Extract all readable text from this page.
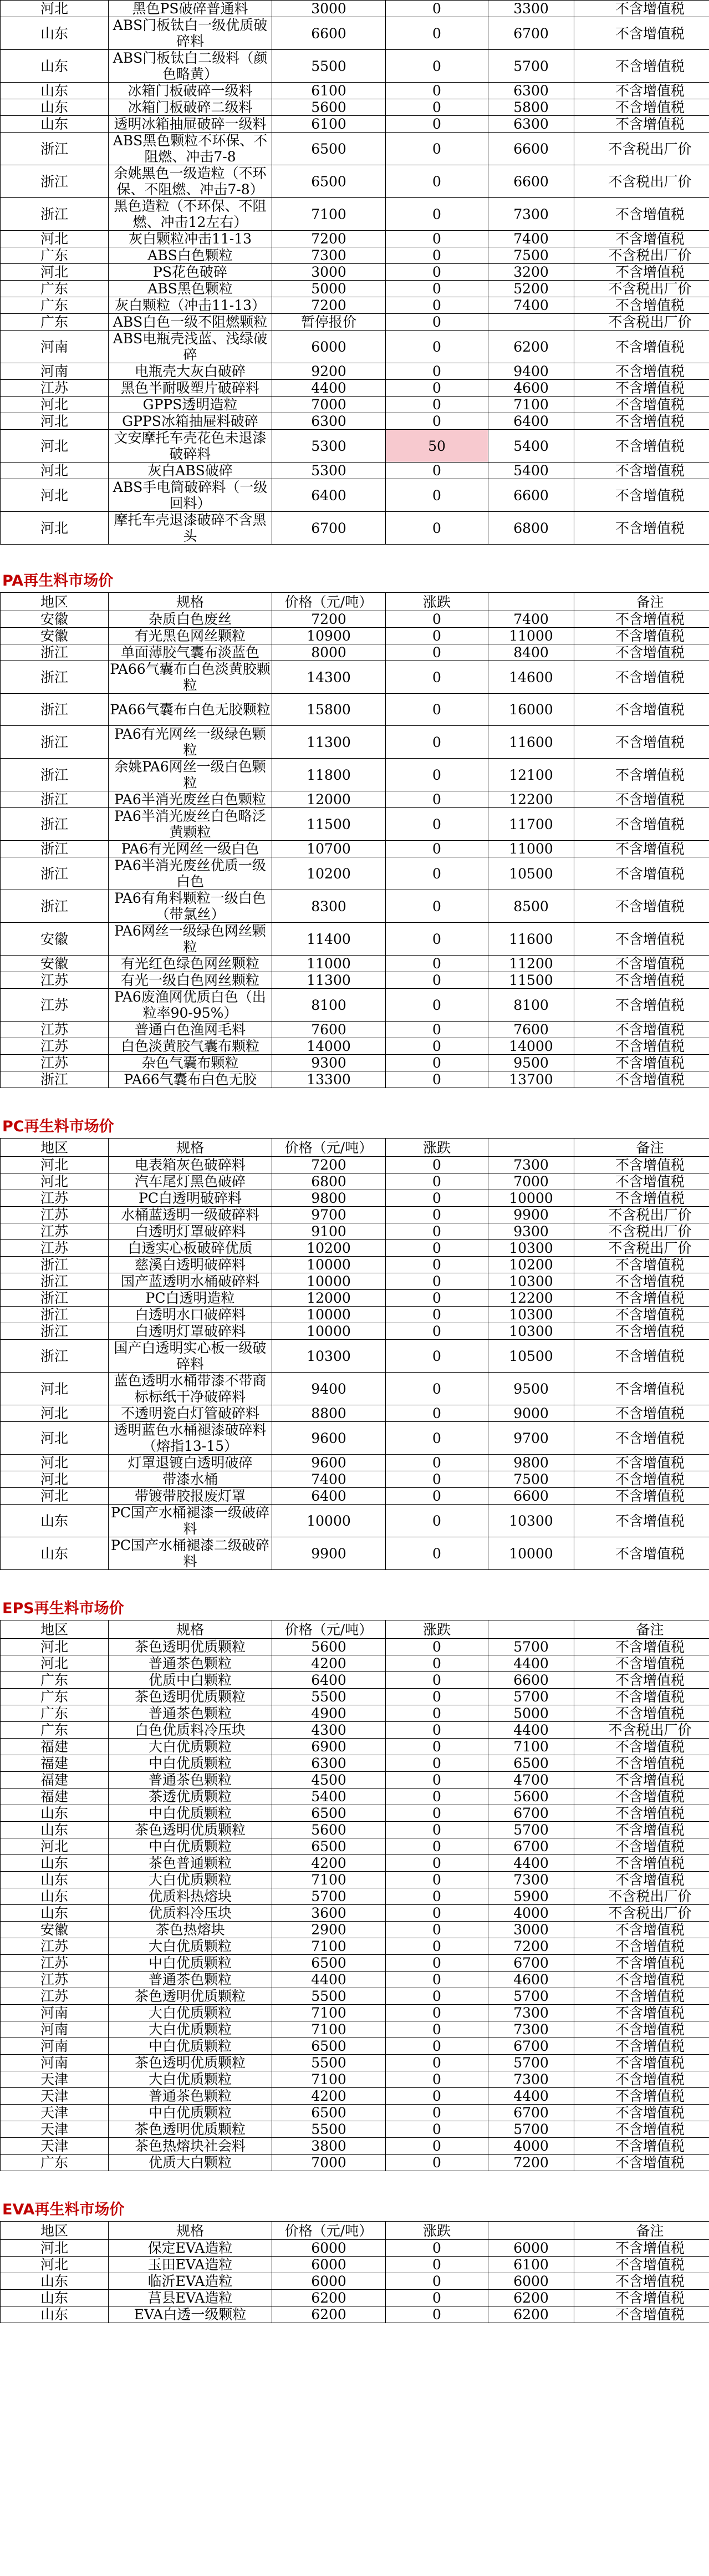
河北	黑色PS破碎普通料	3000	0	3300	不含增值税
山东	ABS门板钛白一级优质破碎料	6600	0	6700	不含增值税
山东	ABS门板钛白二级料（颜色略黄）	5500	0	5700	不含增值税
山东	冰箱门板破碎一级料	6100	0	6300	不含增值税
山东	冰箱门板破碎二级料	5600	0	5800	不含增值税
山东	透明冰箱抽屉破碎一级料	6100	0	6300	不含增值税
浙江	ABS黑色颗粒不环保、不阻燃、冲击7-8	6500	0	6600	不含税出厂价
浙江	余姚黑色一级造粒（不环保、不阻燃、冲击7-8）	6500	0	6600	不含税出厂价
浙江	黑色造粒（不环保、不阻燃、冲击12左右）	7100	0	7300	不含增值税
河北	灰白颗粒冲击11-13	7200	0	7400	不含增值税
广东	ABS白色颗粒	7300	0	7500	不含税出厂价
河北	PS花色破碎	3000	0	3200	不含增值税
广东	ABS黑色颗粒	5000	0	5200	不含税出厂价
广东	灰白颗粒（冲击11-13）	7200	0	7400	不含增值税
广东	ABS白色一级不阻燃颗粒	暂停报价	0		不含税出厂价
河南	ABS电瓶壳浅蓝、浅绿破碎	6000	0	6200	不含增值税
河南	电瓶壳大灰白破碎	9200	0	9400	不含增值税
江苏	黑色半耐吸塑片破碎料	4400	0	4600	不含增值税
河北	GPPS透明造粒	7000	0	7100	不含增值税
河北	GPPS冰箱抽屉料破碎	6300	0	6400	不含增值税
河北	文安摩托车壳花色未退漆破碎料	5300	50	5400	不含增值税
河北	灰白ABS破碎	5300	0	5400	不含增值税
河北	ABS手电筒破碎料（一级回料）	6400	0	6600	不含增值税
河北	摩托车壳退漆破碎不含黑头	6700	0	6800	不含增值税
PA再生料市场价
地区	规格	价格（元/吨）	涨跌		备注
安徽	杂质白色废丝	7200	0	7400	不含增值税
安徽	有光黑色网丝颗粒	10900	0	11000	不含增值税
浙江	单面薄胶气囊布淡蓝色	8000	0	8400	不含增值税
浙江	PA66气囊布白色淡黄胶颗粒	14300	0	14600	不含增值税
浙江	PA66气囊布白色无胶颗粒	15800	0	16000	不含增值税
浙江	PA6有光网丝一级绿色颗粒	11300	0	11600	不含增值税
浙江	余姚PA6网丝一级白色颗粒	11800	0	12100	不含增值税
浙江	PA6半消光废丝白色颗粒	12000	0	12200	不含增值税
浙江	PA6半消光废丝白色略泛黄颗粒	11500	0	11700	不含增值税
浙江	PA6有光网丝一级白色	10700	0	11000	不含增值税
浙江	PA6半消光废丝优质一级白色	10200	0	10500	不含增值税
浙江	PA6有角料颗粒一级白色（带氯丝）	8300	0	8500	不含增值税
安徽	PA6网丝一级绿色网丝颗粒	11400	0	11600	不含增值税
安徽	有光红色绿色网丝颗粒	11000	0	11200	不含增值税
江苏	有光一级白色网丝颗粒	11300	0	11500	不含增值税
江苏	PA6废渔网优质白色（出粒率90-95%）	8100	0	8100	不含增值税
江苏	普通白色渔网毛料	7600	0	7600	不含增值税
江苏	白色淡黄胶气囊布颗粒	14000	0	14000	不含增值税
江苏	杂色气囊布颗粒	9300	0	9500	不含增值税
浙江	PA66气囊布白色无胶	13300	0	13700	不含增值税
PC再生料市场价
地区	规格	价格（元/吨）	涨跌		备注
河北	电表箱灰色破碎料	7200	0	7300	不含增值税
河北	汽车尾灯黑色破碎	6800	0	7000	不含增值税
江苏	PC白透明破碎料	9800	0	10000	不含增值税
江苏	水桶蓝透明一级破碎料	9700	0	9900	不含税出厂价
江苏	白透明灯罩破碎料	9100	0	9300	不含税出厂价
江苏	白透实心板破碎优质	10200	0	10300	不含税出厂价
浙江	慈溪白透明破碎料	10000	0	10200	不含增值税
浙江	国产蓝透明水桶破碎料	10000	0	10300	不含增值税
浙江	PC白透明造粒	12000	0	12200	不含增值税
浙江	白透明水口破碎料	10000	0	10300	不含增值税
浙江	白透明灯罩破碎料	10000	0	10300	不含增值税
浙江	国产白透明实心板一级破碎料	10300	0	10500	不含增值税
河北	蓝色透明水桶带漆不带商标标纸干净破碎料	9400	0	9500	不含增值税
河北	不透明瓷白灯管破碎料	8800	0	9000	不含增值税
河北	透明蓝色水桶褪漆破碎料（熔指13-15）	9600	0	9700	不含增值税
河北	灯罩退镀白透明破碎	9600	0	9800	不含增值税
河北	带漆水桶	7400	0	7500	不含增值税
河北	带镀带胶报废灯罩	6400	0	6600	不含增值税
山东	PC国产水桶褪漆一级破碎料	10000	0	10300	不含增值税
山东	PC国产水桶褪漆二级破碎料	9900	0	10000	不含增值税
EPS再生料市场价
地区	规格	价格（元/吨）	涨跌		备注
河北	茶色透明优质颗粒	5600	0	5700	不含增值税
河北	普通茶色颗粒	4200	0	4400	不含增值税
广东	优质中白颗粒	6400	0	6600	不含增值税
广东	茶色透明优质颗粒	5500	0	5700	不含增值税
广东	普通茶色颗粒	4900	0	5000	不含增值税
广东	白色优质料冷压块	4300	0	4400	不含税出厂价
福建	大白优质颗粒	6900	0	7100	不含增值税
福建	中白优质颗粒	6300	0	6500	不含增值税
福建	普通茶色颗粒	4500	0	4700	不含增值税
福建	茶透优质颗粒	5400	0	5600	不含增值税
山东	中白优质颗粒	6500	0	6700	不含增值税
山东	茶色透明优质颗粒	5600	0	5700	不含增值税
河北	中白优质颗粒	6500	0	6700	不含增值税
山东	茶色普通颗粒	4200	0	4400	不含增值税
山东	大白优质颗粒	7100	0	7300	不含增值税
山东	优质料热熔块	5700	0	5900	不含税出厂价
山东	优质料冷压块	3600	0	4000	不含税出厂价
安徽	茶色热熔块	2900	0	3000	不含增值税
江苏	大白优质颗粒	7100	0	7200	不含增值税
江苏	中白优质颗粒	6500	0	6700	不含增值税
江苏	普通茶色颗粒	4400	0	4600	不含增值税
江苏	茶色透明优质颗粒	5500	0	5700	不含增值税
河南	大白优质颗粒	7100	0	7300	不含增值税
河南	大白优质颗粒	7100	0	7300	不含增值税
河南	中白优质颗粒	6500	0	6700	不含增值税
河南	茶色透明优质颗粒	5500	0	5700	不含增值税
天津	大白优质颗粒	7100	0	7300	不含增值税
天津	普通茶色颗粒	4200	0	4400	不含增值税
天津	中白优质颗粒	6500	0	6700	不含增值税
天津	茶色透明优质颗粒	5500	0	5700	不含增值税
天津	茶色热熔块社会料	3800	0	4000	不含增值税
广东	优质大白颗粒	7000	0	7200	不含增值税
EVA再生料市场价
地区	规格	价格（元/吨）	涨跌		备注
河北	保定EVA造粒	6000	0	6000	不含增值税
河北	玉田EVA造粒	6000	0	6100	不含增值税
山东	临沂EVA造粒	6000	0	6000	不含增值税
山东	莒县EVA造粒	6200	0	6200	不含增值税
山东	EVA白透一级颗粒	6200	0	6200	不含增值税
